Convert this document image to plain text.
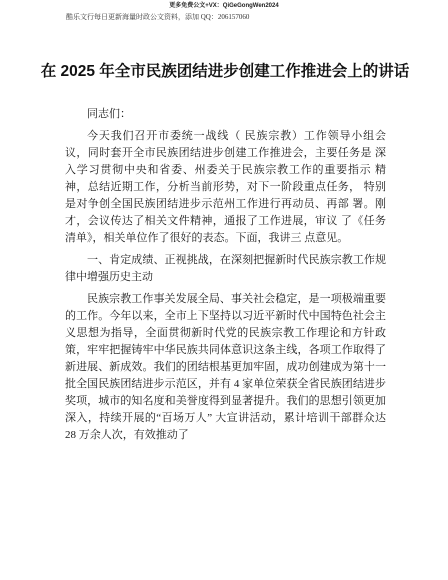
更多免费公文+VX：QiGeGongWen2024
酷乐文行每日更新海量时政公文资料，添加 QQ：206157060
在 2025 年全市民族团结进步创建工作推进会上的讲话

同志们：

今天我们召开市委统一战线（ 民族宗教）工作领导小组会 议，同时套开全市民族团结进步创建工作推进会，主要任务是 深入学习贯彻中央和省委、州委关于民族宗教工作的重要指示 精神，总结近期工作，分析当前形势，对下一阶段重点任务， 特别是对争创全国民族团结进步示范州工作进行再动员、再部 署。刚才，会议传达了相关文件精神，通报了工作进展，审议 了《任务清单》，相关单位作了很好的表态。下面，我讲三 点意见。

一、肯定成绩、正视挑战，在深刻把握新时代民族宗教工作规律中增强历史主动

民族宗教工作事关发展全局、事关社会稳定，是一项极端重要的工作。今年以来，全市上下坚持以习近平新时代中国特色社会主义思想为指导，全面贯彻新时代党的民族宗教工作理论和方针政策，牢牢把握铸牢中华民族共同体意识这条主线，各项工作取得了新进展、新成效。我们的团结根基更加牢固，成功创建成为第十一批全国民族团结进步示范区，并有 4 家单位荣获全省民族团结进步奖项，城市的知名度和美誉度得到显著提升。我们的思想引领更加深入，持续开展的“百场万人” 大宣讲活动，累计培训干部群众达 28 万余人次，有效推动了
